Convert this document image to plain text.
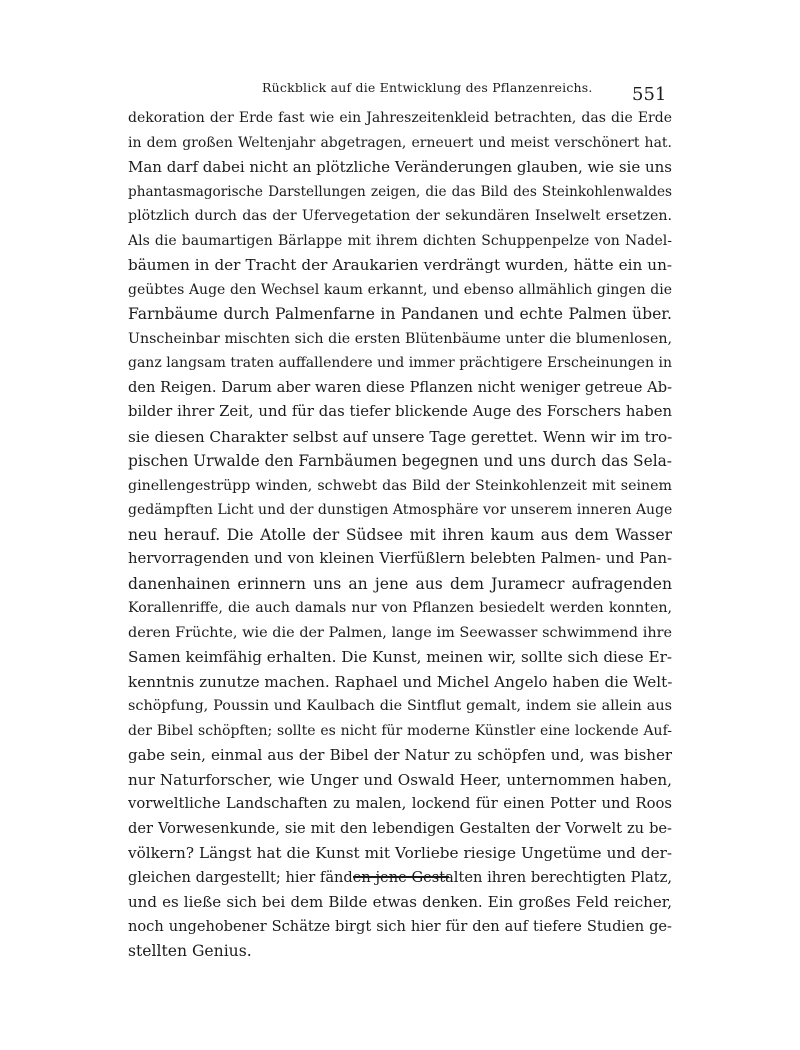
Rückblick auf die Entwicklung des Pflanzenreichs. 551
dekoration der Erde fast wie ein Jahreszeitenkleid betrachten, das die Erde
in dem großen Weltenjahr abgetragen, erneuert und meist verschönert hat.
Man darf dabei nicht an plötzliche Veränderungen glauben, wie sie uns
phantasmagorische Darstellungen zeigen, die das Bild des Steinkohlenwaldes
plötzlich durch das der Ufervegetation der sekundären Inselwelt ersetzen.
Als die baumartigen Bärlappe mit ihrem dichten Schuppenpelze von Nadel-
bäumen in der Tracht der Araukarien verdrängt wurden, hätte ein un-
geübtes Auge den Wechsel kaum erkannt, und ebenso allmählich gingen die
Farnbäume durch Palmenfarne in Pandanen und echte Palmen über.
Unscheinbar mischten sich die ersten Blütenbäume unter die blumenlosen,
ganz langsam traten auffallendere und immer prächtigere Erscheinungen in
den Reigen. Darum aber waren diese Pflanzen nicht weniger getreue Ab-
bilder ihrer Zeit, und für das tiefer blickende Auge des Forschers haben
sie diesen Charakter selbst auf unsere Tage gerettet. Wenn wir im tro-
pischen Urwalde den Farnbäumen begegnen und uns durch das Sela-
ginellengestrüpp winden, schwebt das Bild der Steinkohlenzeit mit seinem
gedämpften Licht und der dunstigen Atmosphäre vor unserem inneren Auge
neu herauf. Die Atolle der Südsee mit ihren kaum aus dem Wasser
hervorragenden und von kleinen Vierfüßlern belebten Palmen- und Pan-
danenhainen erinnern uns an jene aus dem Juramecr aufragenden
Korallenriffe, die auch damals nur von Pflanzen besiedelt werden konnten,
deren Früchte, wie die der Palmen, lange im Seewasser schwimmend ihre
Samen keimfähig erhalten. Die Kunst, meinen wir, sollte sich diese Er-
kenntnis zunutze machen. Raphael und Michel Angelo haben die Welt-
schöpfung, Poussin und Kaulbach die Sintflut gemalt, indem sie allein aus
der Bibel schöpften; sollte es nicht für moderne Künstler eine lockende Auf-
gabe sein, einmal aus der Bibel der Natur zu schöpfen und, was bisher
nur Naturforscher, wie Unger und Oswald Heer, unternommen haben,
vorweltliche Landschaften zu malen, lockend für einen Potter und Roos
der Vorwesenkunde, sie mit den lebendigen Gestalten der Vorwelt zu be-
völkern? Längst hat die Kunst mit Vorliebe riesige Ungetüme und der-
gleichen dargestellt; hier fänden jene Gestalten ihren berechtigten Platz,
und es ließe sich bei dem Bilde etwas denken. Ein großes Feld reicher,
noch ungehobener Schätze birgt sich hier für den auf tiefere Studien ge-
stellten Genius.
